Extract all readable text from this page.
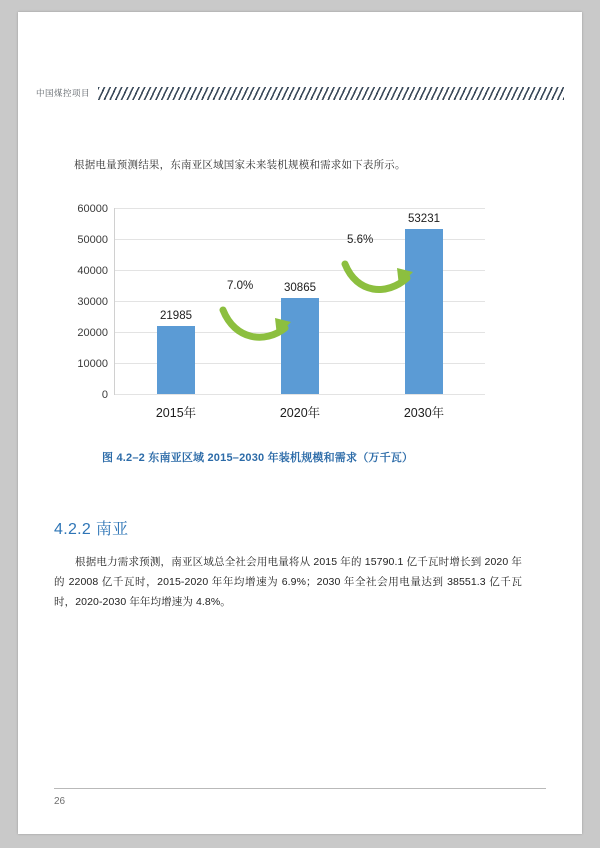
中国煤控项目
根据电量预测结果，东南亚区域国家未来装机规模和需求如下表所示。
60000
50000
40000
30000
20000
10000
0
21985
2015年
30865
2020年
53231
2030年
7.0%
5.6%
图 4.2–2 东南亚区域 2015–2030 年装机规模和需求（万千瓦）
4.2.2 南亚
根据电力需求预测，南亚区域总全社会用电量将从 2015 年的 15790.1 亿千瓦时增长到 2020 年的 22008 亿千瓦时，2015-2020 年年均增速为 6.9%；2030 年全社会用电量达到 38551.3 亿千瓦时，2020-2030 年年均增速为 4.8%。
26
